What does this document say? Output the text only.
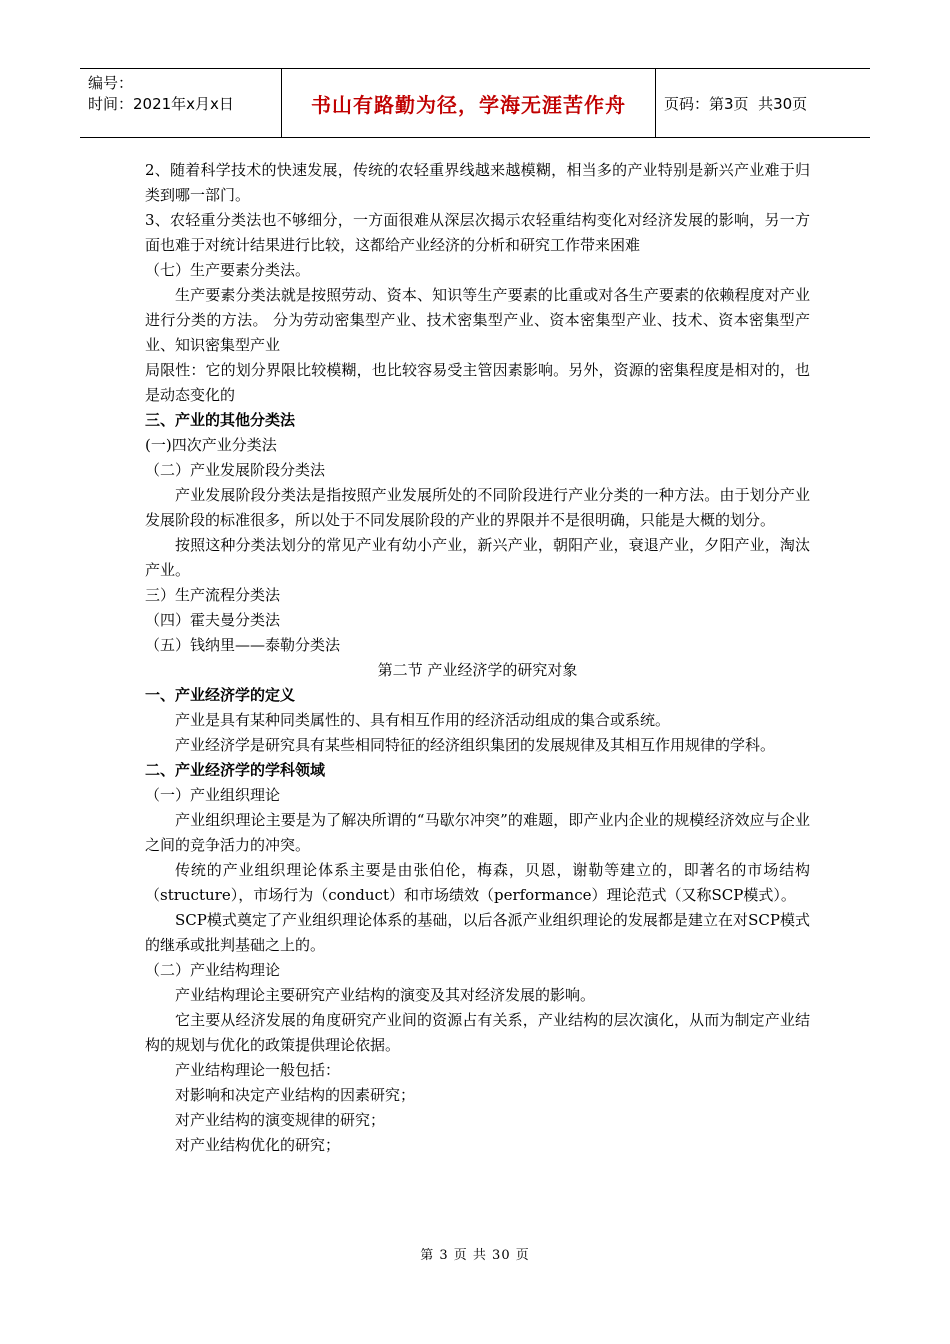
编号：
时间：2021年x月x日	书山有路勤为径，学海无涯苦作舟	页码：第3页  共30页

2、随着科学技术的快速发展，传统的农轻重界线越来越模糊，相当多的产业特别是新兴产业难于归类到哪一部门。

3、农轻重分类法也不够细分，一方面很难从深层次揭示农轻重结构变化对经济发展的影响，另一方面也难于对统计结果进行比较，这都给产业经济的分析和研究工作带来困难

（七）生产要素分类法。

生产要素分类法就是按照劳动、资本、知识等生产要素的比重或对各生产要素的依赖程度对产业进行分类的方法。 分为劳动密集型产业、技术密集型产业、资本密集型产业、技术、资本密集型产业、知识密集型产业

局限性：它的划分界限比较模糊，也比较容易受主管因素影响。另外，资源的密集程度是相对的，也是动态变化的

三、产业的其他分类法

(一)四次产业分类法

（二）产业发展阶段分类法

产业发展阶段分类法是指按照产业发展所处的不同阶段进行产业分类的一种方法。由于划分产业发展阶段的标准很多，所以处于不同发展阶段的产业的界限并不是很明确，只能是大概的划分。

按照这种分类法划分的常见产业有幼小产业，新兴产业，朝阳产业，衰退产业，夕阳产业，淘汰产业。

三）生产流程分类法

（四）霍夫曼分类法

（五）钱纳里——泰勒分类法

第二节 产业经济学的研究对象

一、产业经济学的定义

产业是具有某种同类属性的、具有相互作用的经济活动组成的集合或系统。

产业经济学是研究具有某些相同特征的经济组织集团的发展规律及其相互作用规律的学科。

二、产业经济学的学科领域

（一）产业组织理论

产业组织理论主要是为了解决所谓的“马歇尔冲突”的难题，即产业内企业的规模经济效应与企业之间的竞争活力的冲突。

传统的产业组织理论体系主要是由张伯伦，梅森，贝恩，谢勒等建立的，即著名的市场结构（structure），市场行为（conduct）和市场绩效（performance）理论范式（又称SCP模式）。

SCP模式奠定了产业组织理论体系的基础，以后各派产业组织理论的发展都是建立在对SCP模式的继承或批判基础之上的。

（二）产业结构理论

产业结构理论主要研究产业结构的演变及其对经济发展的影响。

它主要从经济发展的角度研究产业间的资源占有关系，产业结构的层次演化，从而为制定产业结构的规划与优化的政策提供理论依据。

产业结构理论一般包括：

对影响和决定产业结构的因素研究；

对产业结构的演变规律的研究；

对产业结构优化的研究；

第 3 页 共 30 页
